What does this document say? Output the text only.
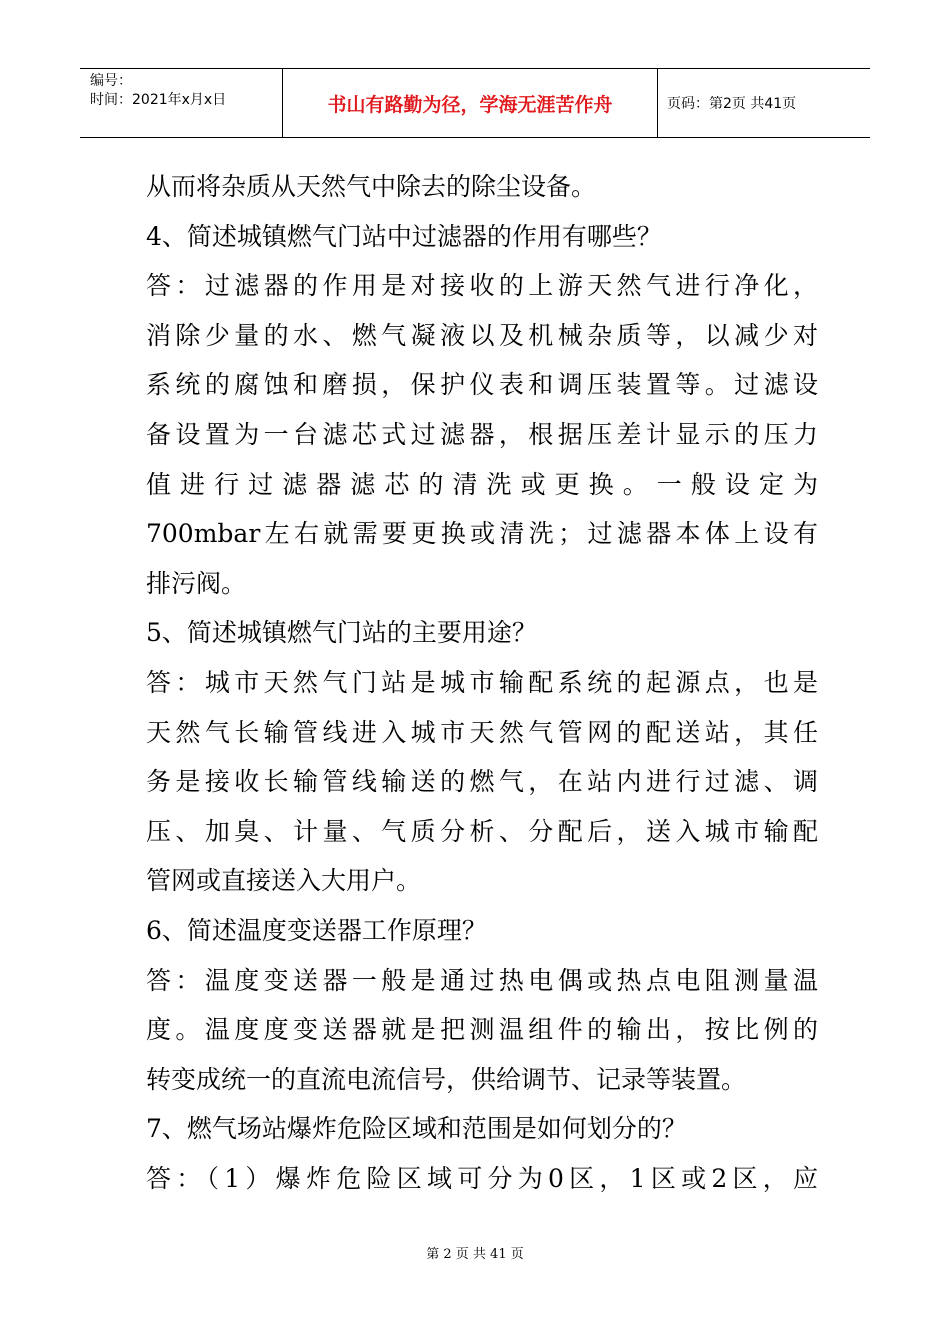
编号：
时间：2021年x月x日	书山有路勤为径，学海无涯苦作舟	页码：第2页 共41页

从而将杂质从天然气中除去的除尘设备。

4、简述城镇燃气门站中过滤器的作用有哪些？

答：过滤器的作用是对接收的上游天然气进行净化，

消除少量的水、燃气凝液以及机械杂质等，以减少对

系统的腐蚀和磨损，保护仪表和调压装置等。过滤设

备设置为一台滤芯式过滤器，根据压差计显示的压力

值进行过滤器滤芯的清洗或更换。一般设定为

700mbar左右就需要更换或清洗；过滤器本体上设有

排污阀。

5、简述城镇燃气门站的主要用途？

答：城市天然气门站是城市输配系统的起源点，也是

天然气长输管线进入城市天然气管网的配送站，其任

务是接收长输管线输送的燃气，在站内进行过滤、调

压、加臭、计量、气质分析、分配后，送入城市输配

管网或直接送入大用户。

6、简述温度变送器工作原理？

答：温度变送器一般是通过热电偶或热点电阻测量温

度。温度度变送器就是把测温组件的输出，按比例的

转变成统一的直流电流信号，供给调节、记录等装置。

7、燃气场站爆炸危险区域和范围是如何划分的？

答：（1）爆炸危险区域可分为0区，1区或2区，应

第 2 页 共 41 页
